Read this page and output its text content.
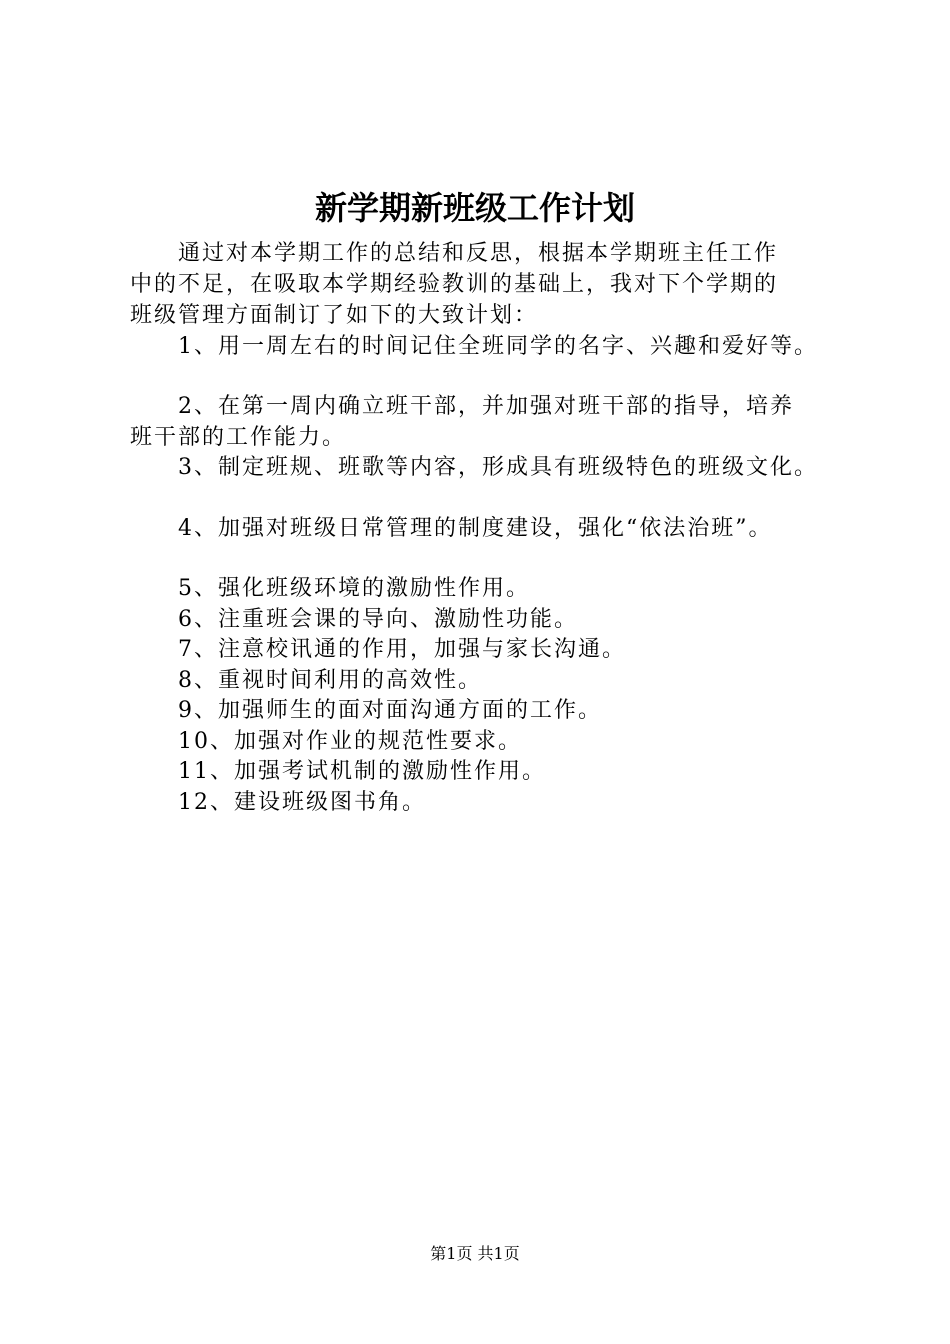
新学期新班级工作计划
通过对本学期工作的总结和反思，根据本学期班主任工作
中的不足，在吸取本学期经验教训的基础上，我对下个学期的
班级管理方面制订了如下的大致计划：
1、用一周左右的时间记住全班同学的名字、兴趣和爱好等。
2、在第一周内确立班干部，并加强对班干部的指导，培养
班干部的工作能力。
3、制定班规、班歌等内容，形成具有班级特色的班级文化。
4、加强对班级日常管理的制度建设，强化“依法治班”。
5、强化班级环境的激励性作用。
6、注重班会课的导向、激励性功能。
7、注意校讯通的作用，加强与家长沟通。
8、重视时间利用的高效性。
9、加强师生的面对面沟通方面的工作。
10、加强对作业的规范性要求。
11、加强考试机制的激励性作用。
12、建设班级图书角。
第1页 共1页
